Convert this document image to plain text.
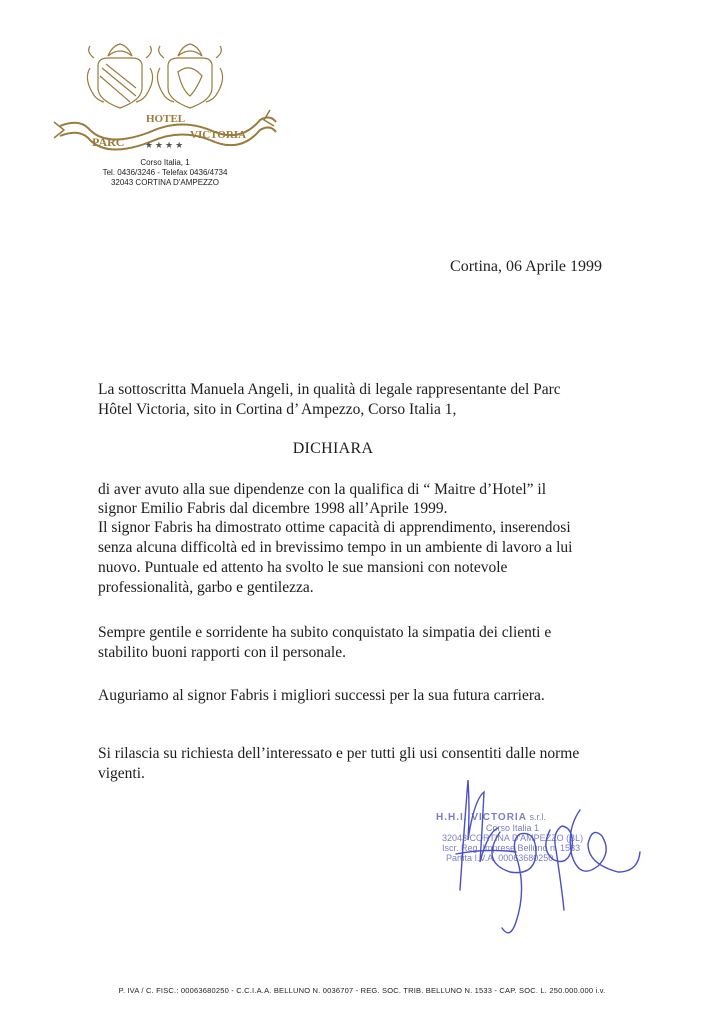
PARC
HOTEL
VICTORIA
★★★★
Corso Italia, 1
Tel. 0436/3246 - Telefax 0436/4734
32043 CORTINA D'AMPEZZO
Cortina, 06 Aprile 1999

La sottoscritta Manuela Angeli, in qualità di legale rappresentante del Parc

Hôtel Victoria, sito in Cortina d’ Ampezzo, Corso Italia 1,

DICHIARA

di aver avuto alla sue dipendenze con la qualifica di “ Maitre d’Hotel” il

signor Emilio Fabris dal dicembre 1998 all’Aprile 1999.

Il signor Fabris ha dimostrato ottime capacità di apprendimento, inserendosi

senza alcuna difficoltà ed in brevissimo tempo in un ambiente di lavoro a lui

nuovo. Puntuale ed attento ha svolto le sue mansioni con notevole

professionalità, garbo e gentilezza.

Sempre gentile e sorridente ha subito conquistato la simpatia dei clienti e

stabilito buoni rapporti con il personale.

Auguriamo al signor Fabris i migliori successi per la sua futura carriera.

Si rilascia su richiesta dell’interessato e per tutti gli usi consentiti dalle norme

vigenti.

H.H.I. VICTORIA s.r.l.
Corso Italia 1
32043 CORTINA D'AMPEZZO (BL)
Iscr. Reg. Imprese Belluno n. 1533
Partita I.V.A. 00063680250
P. IVA / C. FISC.: 00063680250 - C.C.I.A.A. BELLUNO N. 0036707 - REG. SOC. TRIB. BELLUNO N. 1533 - CAP. SOC. L. 250.000.000 i.v.
